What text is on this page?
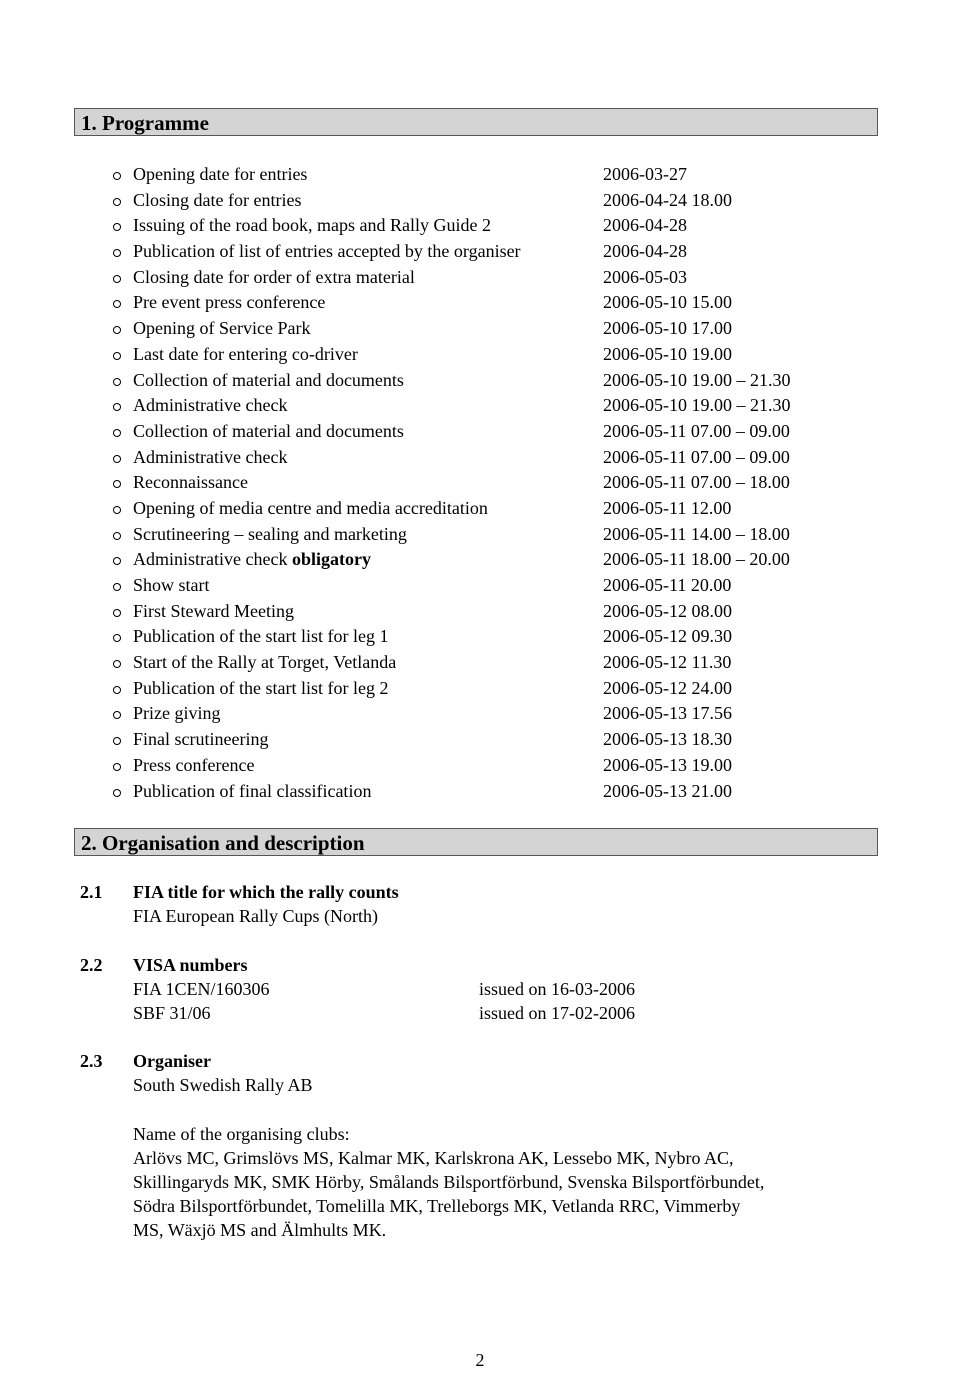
1. Programme
Opening date for entries	2006-03-27
Closing date for entries	2006-04-24 18.00
Issuing of the road book, maps and Rally Guide 2	2006-04-28
Publication of list of entries accepted by the organiser	2006-04-28
Closing date for order of extra material	2006-05-03
Pre event press conference	2006-05-10 15.00
Opening of Service Park	2006-05-10 17.00
Last date for entering co-driver	2006-05-10 19.00
Collection of material and documents	2006-05-10 19.00 – 21.30
Administrative check	2006-05-10 19.00 – 21.30
Collection of material and documents	2006-05-11 07.00 – 09.00
Administrative check	2006-05-11 07.00 – 09.00
Reconnaissance	2006-05-11 07.00 – 18.00
Opening of media centre and media accreditation	2006-05-11 12.00
Scrutineering – sealing and marketing	2006-05-11 14.00 – 18.00
Administrative check obligatory	2006-05-11 18.00 – 20.00
Show start	2006-05-11 20.00
First Steward Meeting	2006-05-12 08.00
Publication of the start list for leg 1	2006-05-12 09.30
Start of the Rally at Torget, Vetlanda	2006-05-12 11.30
Publication of the start list for leg 2	2006-05-12 24.00
Prize giving	2006-05-13 17.56
Final scrutineering	2006-05-13 18.30
Press conference	2006-05-13 19.00
Publication of final classification	2006-05-13 21.00
2. Organisation and description
2.1 FIA title for which the rally counts
FIA European Rally Cups (North)
2.2 VISA numbers
FIA 1CEN/160306	issued on 16-03-2006
SBF 31/06	issued on 17-02-2006
2.3 Organiser
South Swedish Rally AB
Name of the organising clubs:
Arlövs MC, Grimslövs MS, Kalmar MK, Karlskrona AK, Lessebo MK, Nybro AC,
Skillingaryds MK, SMK Hörby, Smålands Bilsportförbund, Svenska Bilsportförbundet,
Södra Bilsportförbundet, Tomelilla MK, Trelleborgs MK, Vetlanda RRC, Vimmerby
MS, Wäxjö MS and Älmhults MK.
2
